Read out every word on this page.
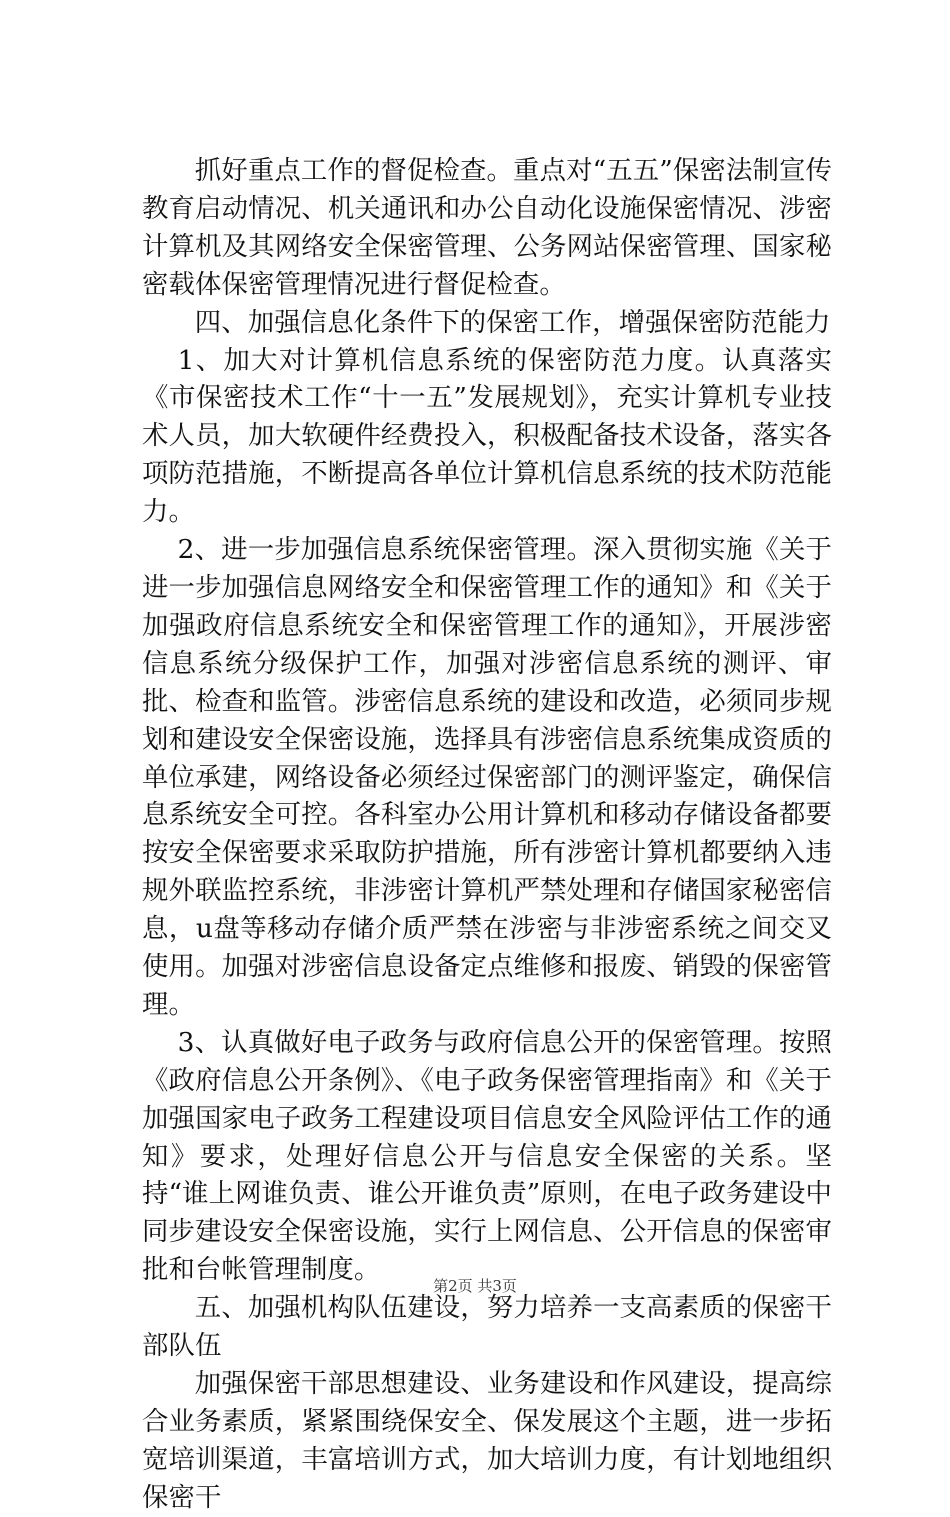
抓好重点工作的督促检查。重点对“五五”保密法制宣传教育启动情况、机关通讯和办公自动化设施保密情况、涉密计算机及其网络安全保密管理、公务网站保密管理、国家秘密载体保密管理情况进行督促检查。

四、加强信息化条件下的保密工作，增强保密防范能力

1、加大对计算机信息系统的保密防范力度。认真落实《市保密技术工作“十一五”发展规划》，充实计算机专业技术人员，加大软硬件经费投入，积极配备技术设备，落实各项防范措施，不断提高各单位计算机信息系统的技术防范能力。

2、进一步加强信息系统保密管理。深入贯彻实施《关于进一步加强信息网络安全和保密管理工作的通知》和《关于加强政府信息系统安全和保密管理工作的通知》，开展涉密信息系统分级保护工作，加强对涉密信息系统的测评、审批、检查和监管。涉密信息系统的建设和改造，必须同步规划和建设安全保密设施，选择具有涉密信息系统集成资质的单位承建，网络设备必须经过保密部门的测评鉴定，确保信息系统安全可控。各科室办公用计算机和移动存储设备都要按安全保密要求采取防护措施，所有涉密计算机都要纳入违规外联监控系统，非涉密计算机严禁处理和存储国家秘密信息，u盘等移动存储介质严禁在涉密与非涉密系统之间交叉使用。加强对涉密信息设备定点维修和报废、销毁的保密管理。

3、认真做好电子政务与政府信息公开的保密管理。按照《政府信息公开条例》、《电子政务保密管理指南》和《关于加强国家电子政务工程建设项目信息安全风险评估工作的通知》要求，处理好信息公开与信息安全保密的关系。坚持“谁上网谁负责、谁公开谁负责”原则，在电子政务建设中同步建设安全保密设施，实行上网信息、公开信息的保密审批和台帐管理制度。

五、加强机构队伍建设，努力培养一支高素质的保密干部队伍

加强保密干部思想建设、业务建设和作风建设，提高综合业务素质，紧紧围绕保安全、保发展这个主题，进一步拓宽培训渠道，丰富培训方式，加大培训力度，有计划地组织保密干

第2页 共3页
